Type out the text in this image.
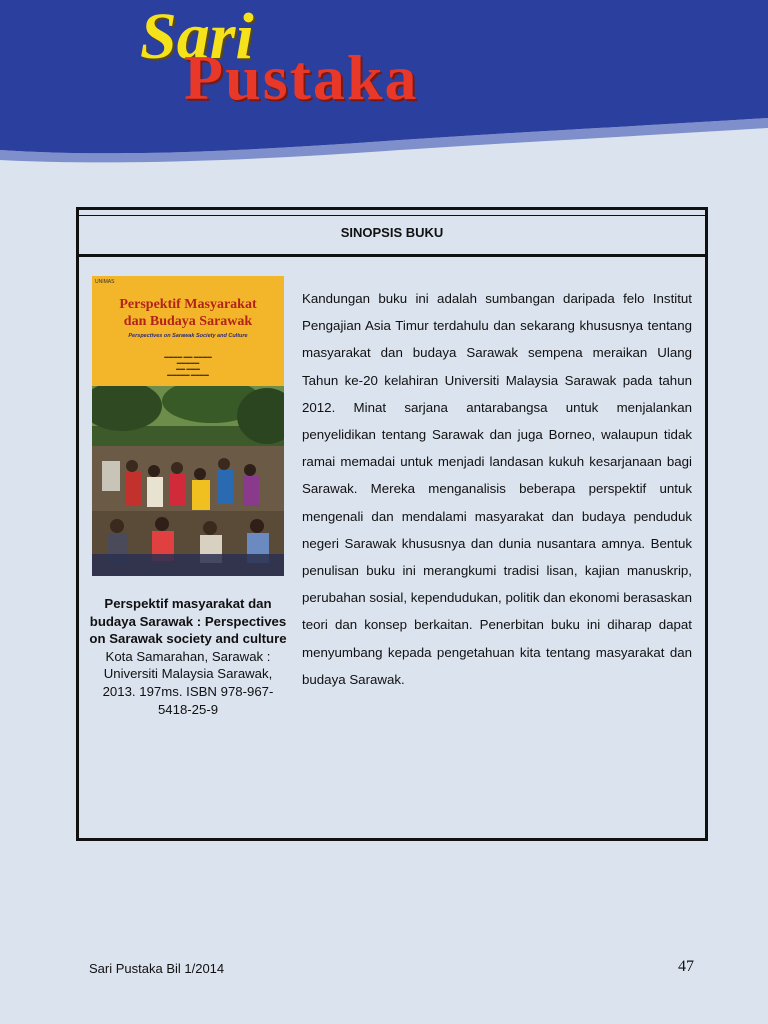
Sari
Pustaka
SINOPSIS BUKU
UNIMAS
Perspektif Masyarakat
dan Budaya Sarawak
Perspectives on Sarawak Society and Culture
▬▬▬▬ ▬▬ ▬▬▬▬
▬▬▬▬▬
▬▬ ▬▬▬
▬▬▬▬▬ ▬▬▬▬
Perspektif masyarakat dan budaya Sarawak : Perspectives on Sarawak society and culture
Kota Samarahan, Sarawak : Universiti Malaysia Sarawak, 2013. 197ms. ISBN 978-967-5418-25-9
Kandungan buku ini adalah sumbangan daripada felo Institut Pengajian Asia Timur terdahulu dan sekarang khususnya tentang masyarakat dan budaya Sarawak sempena meraikan Ulang Tahun ke-20 kelahiran Universiti Malaysia Sarawak pada tahun 2012. Minat sarjana antarabangsa untuk menjalankan penyelidikan tentang Sarawak dan juga Borneo, walaupun tidak ramai memadai untuk menjadi landasan kukuh kesarjanaan bagi Sarawak. Mereka menganalisis beberapa perspektif untuk mengenali dan mendalami masyarakat dan budaya penduduk negeri Sarawak khususnya dan dunia nusantara amnya. Bentuk penulisan buku ini merangkumi tradisi lisan, kajian manuskrip, perubahan sosial, kependudukan, politik dan ekonomi berasaskan teori dan konsep berkaitan. Penerbitan buku ini diharap dapat menyumbang kepada pengetahuan kita tentang masyarakat dan budaya Sarawak.
Sari Pustaka Bil 1/2014	47
